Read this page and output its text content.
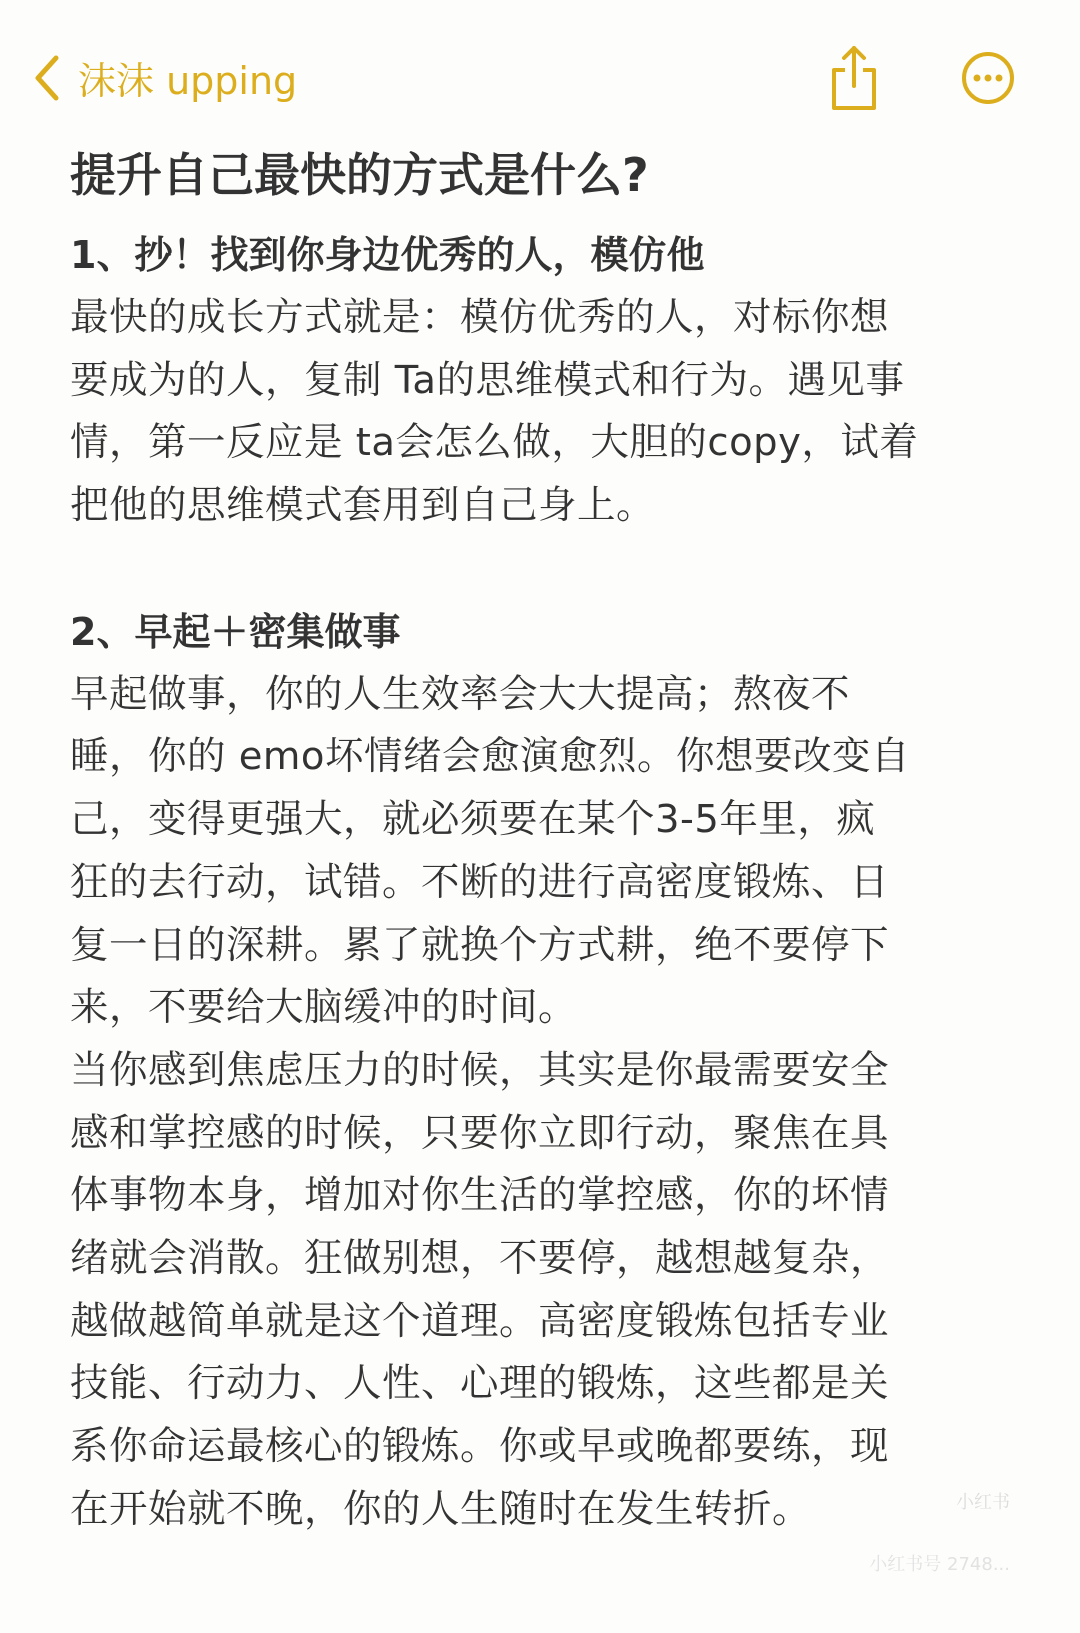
沫沫 upping
提升自己最快的方式是什么?
1、抄！找到你身边优秀的人，模仿他
最快的成长方式就是：模仿优秀的人，对标你想
要成为的人，复制 Ta的思维模式和行为。遇见事
情，第一反应是 ta会怎么做，大胆的copy，试着
把他的思维模式套用到自己身上。
2、早起＋密集做事
早起做事，你的人生效率会大大提高；熬夜不
睡，你的 emo坏情绪会愈演愈烈。你想要改变自
己，变得更强大，就必须要在某个3-5年里，疯
狂的去行动，试错。不断的进行高密度锻炼、日
复一日的深耕。累了就换个方式耕，绝不要停下
来，不要给大脑缓冲的时间。
当你感到焦虑压力的时候，其实是你最需要安全
感和掌控感的时候，只要你立即行动，聚焦在具
体事物本身，增加对你生活的掌控感，你的坏情
绪就会消散。狂做别想，不要停，越想越复杂，
越做越简单就是这个道理。高密度锻炼包括专业
技能、行动力、人性、心理的锻炼，这些都是关
系你命运最核心的锻炼。你或早或晚都要练，现
在开始就不晚，你的人生随时在发生转折。	小红书
小红书号 2748...
